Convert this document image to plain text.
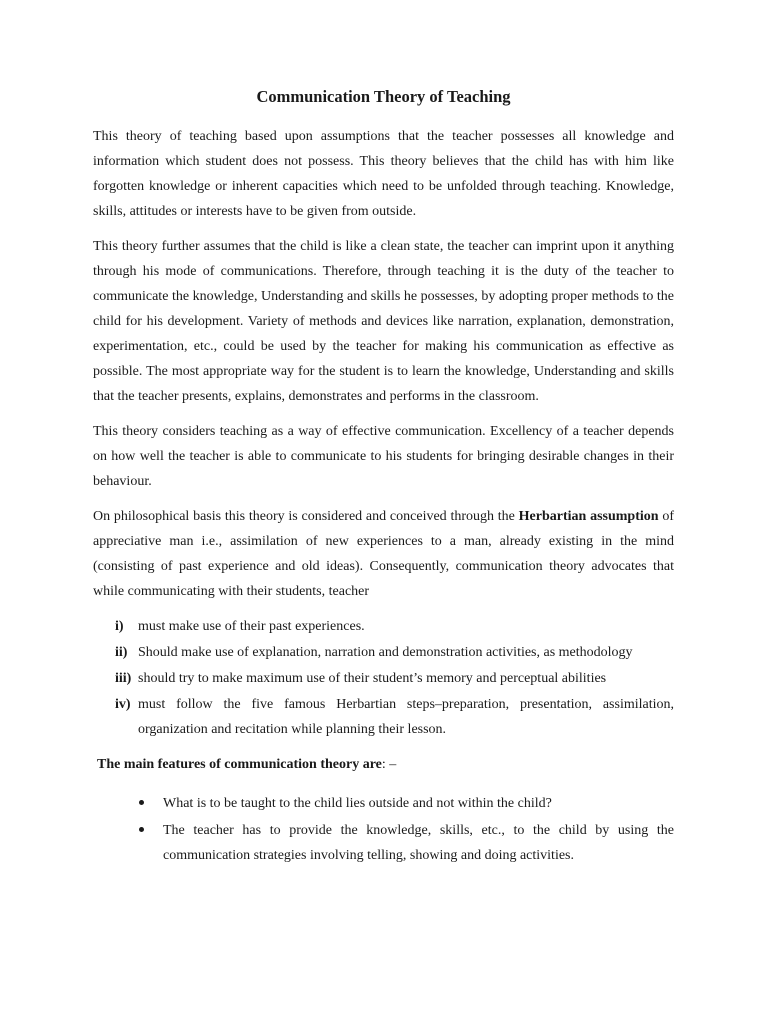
Communication Theory of Teaching

This theory of teaching based upon assumptions that the teacher possesses all knowledge and information which student does not possess. This theory believes that the child has with him like forgotten knowledge or inherent capacities which need to be unfolded through teaching. Knowledge, skills, attitudes or interests have to be given from outside.

This theory further assumes that the child is like a clean state, the teacher can imprint upon it anything through his mode of communications. Therefore, through teaching it is the duty of the teacher to communicate the knowledge, Understanding and skills he possesses, by adopting proper methods to the child for his development. Variety of methods and devices like narration, explanation, demonstration, experimentation, etc., could be used by the teacher for making his communication as effective as possible. The most appropriate way for the student is to learn the knowledge, Understanding and skills that the teacher presents, explains, demonstrates and performs in the classroom.

This theory considers teaching as a way of effective communication. Excellency of a teacher depends on how well the teacher is able to communicate to his students for bringing desirable changes in their behaviour.

On philosophical basis this theory is considered and conceived through the Herbartian assumption of appreciative man i.e., assimilation of new experiences to a man, already existing in the mind (consisting of past experience and old ideas). Consequently, communication theory advocates that while communicating with their students, teacher

i)	must make use of their past experiences.
ii) Should make use of explanation, narration and demonstration activities, as methodology
iii) should try to make maximum use of their student’s memory and perceptual abilities
iv) must follow the five famous Herbartian steps–preparation, presentation, assimilation, organization and recitation while planning their lesson.
The main features of communication theory are: –
What is to be taught to the child lies outside and not within the child?
The teacher has to provide the knowledge, skills, etc., to the child by using the communication strategies involving telling, showing and doing activities.
